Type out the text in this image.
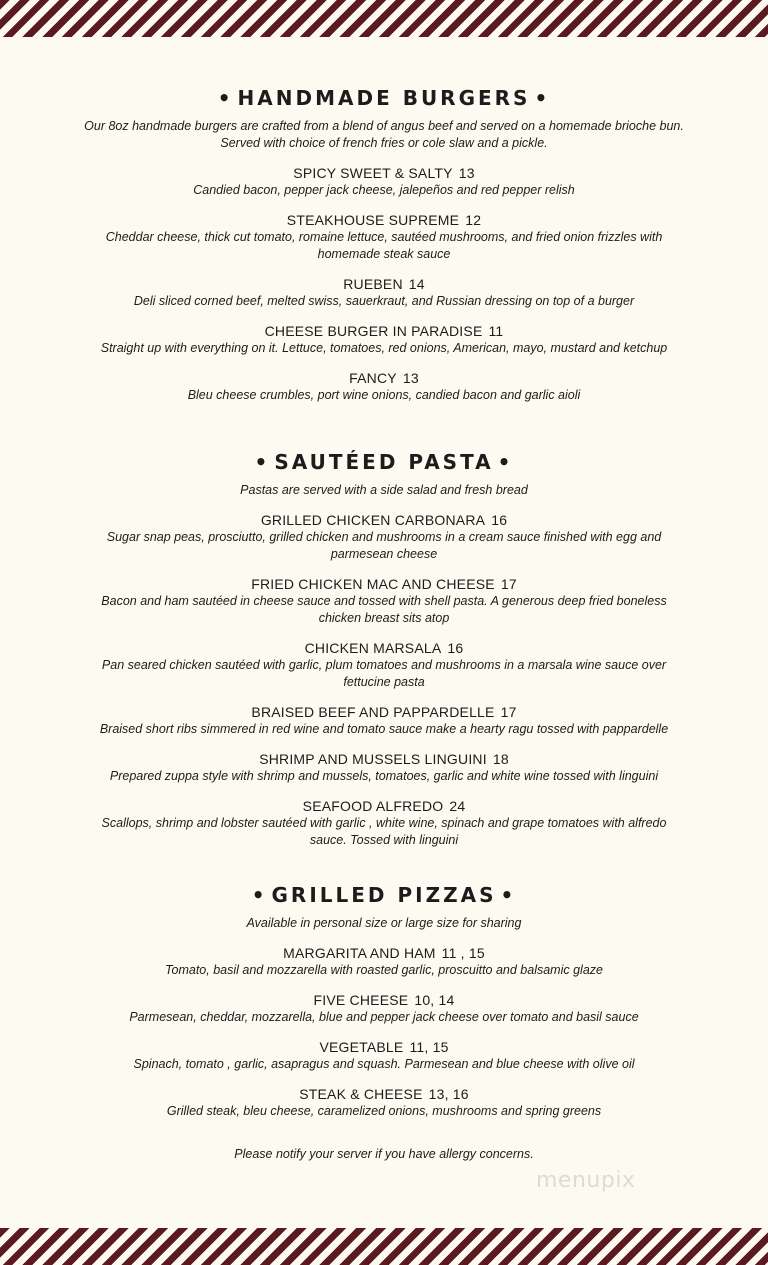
• HANDMADE BURGERS •
Our 8oz handmade burgers are crafted from a blend of angus beef and served on a homemade brioche bun. Served with choice of french fries or cole slaw and a pickle.
SPICY SWEET & SALTY 13
Candied bacon, pepper jack cheese, jalepeños and red pepper relish
STEAKHOUSE SUPREME 12
Cheddar cheese, thick cut tomato, romaine lettuce, sautéed mushrooms, and fried onion frizzles with homemade steak sauce
RUEBEN 14
Deli sliced corned beef, melted swiss, sauerkraut, and Russian dressing on top of a burger
CHEESE BURGER IN PARADISE 11
Straight up with everything on it. Lettuce, tomatoes, red onions, American, mayo, mustard and ketchup
FANCY 13
Bleu cheese crumbles, port wine onions, candied bacon and garlic aioli
• SAUTÉED PASTA •
Pastas are served with a side salad and fresh bread
GRILLED CHICKEN CARBONARA 16
Sugar snap peas, prosciutto, grilled chicken and mushrooms in a cream sauce finished with egg and parmesean cheese
FRIED CHICKEN MAC AND CHEESE 17
Bacon and ham sautéed in cheese sauce and tossed with shell pasta. A generous deep fried boneless chicken breast sits atop
CHICKEN MARSALA 16
Pan seared chicken sautéed with garlic, plum tomatoes and mushrooms in a marsala wine sauce over fettucine pasta
BRAISED BEEF AND PAPPARDELLE 17
Braised short ribs simmered in red wine and tomato sauce make a hearty ragu tossed with pappardelle
SHRIMP AND MUSSELS LINGUINI 18
Prepared zuppa style with shrimp and mussels, tomatoes, garlic and white wine tossed with linguini
SEAFOOD ALFREDO 24
Scallops, shrimp and lobster sautéed with garlic , white wine, spinach and grape tomatoes with alfredo sauce. Tossed with linguini
• GRILLED PIZZAS •
Available in personal size or large size for sharing
MARGARITA AND HAM 11 , 15
Tomato, basil and mozzarella with roasted garlic, proscuitto and balsamic glaze
FIVE CHEESE 10, 14
Parmesean, cheddar, mozzarella, blue and pepper jack cheese over tomato and basil sauce
VEGETABLE 11, 15
Spinach, tomato , garlic, asapragus and squash. Parmesean and blue cheese with olive oil
STEAK & CHEESE 13, 16
Grilled steak, bleu cheese, caramelized onions, mushrooms and spring greens
Please notify your server if you have allergy concerns.
menupix
